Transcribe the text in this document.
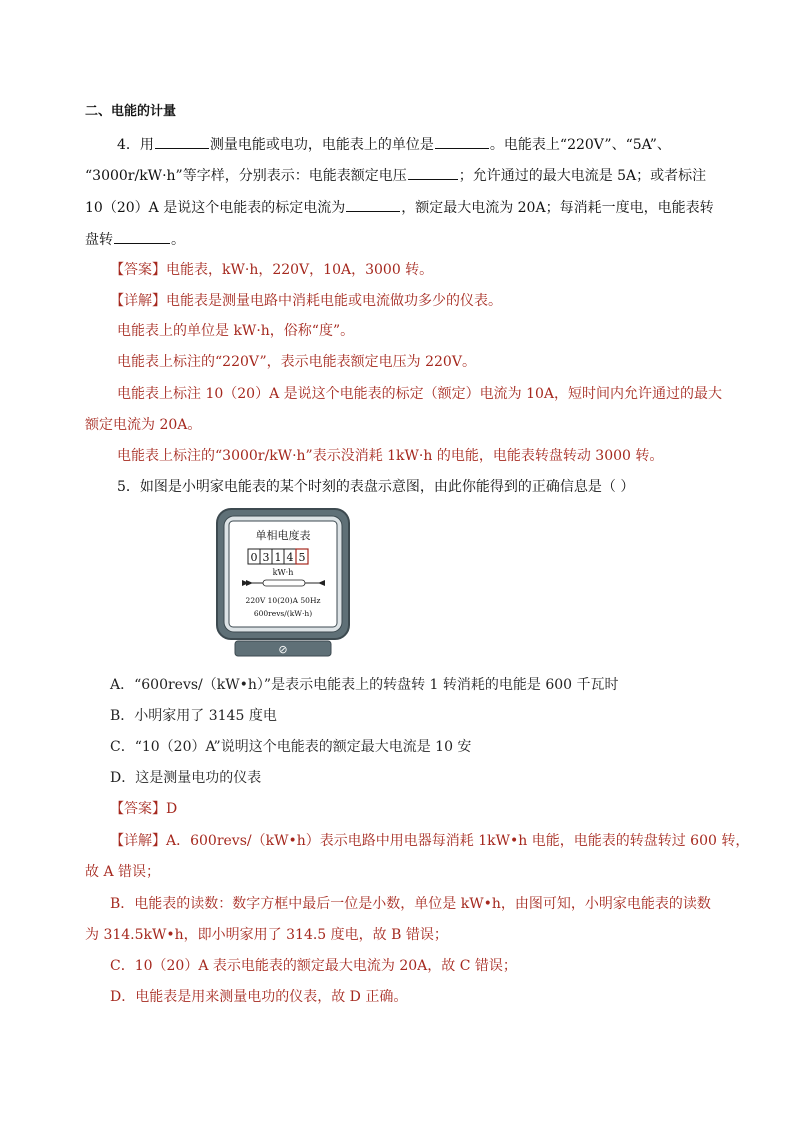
二、电能的计量
4．用	测量电能或电功，电能表上的单位是	。电能表上“220V”、“5A”、
“3000r/kW·h”等字样，分别表示：电能表额定电压	；允许通过的最大电流是 5A；或者标注
10（20）A 是说这个电能表的标定电流为	，额定最大电流为 20A；每消耗一度电，电能表转
盘转	。
【答案】电能表，kW·h，220V，10A，3000 转。
【详解】电能表是测量电路中消耗电能或电流做功多少的仪表。
电能表上的单位是 kW·h，俗称“度”。
电能表上标注的“220V”，表示电能表额定电压为 220V。
电能表上标注 10（20）A 是说这个电能表的标定（额定）电流为 10A，短时间内允许通过的最大
额定电流为 20A。
电能表上标注的“3000r/kW·h”表示没消耗 1kW·h 的电能，电能表转盘转动 3000 转。
5．如图是小明家电能表的某个时刻的表盘示意图，由此你能得到的正确信息是（ ）
单相电度表
0 3 1 4 5
kW·h
220V 10(20)A 50Hz
600revs/(kW·h)
⊘
A．“600revs/（kW•h）”是表示电能表上的转盘转 1 转消耗的电能是 600 千瓦时
B．小明家用了 3145 度电
C．“10（20）A”说明这个电能表的额定最大电流是 10 安
D．这是测量电功的仪表
【答案】D
【详解】A．600revs/（kW•h）表示电路中用电器每消耗 1kW•h 电能，电能表的转盘转过 600 转，
故 A 错误；
B．电能表的读数：数字方框中最后一位是小数，单位是 kW•h，由图可知，小明家电能表的读数
为 314.5kW•h，即小明家用了 314.5 度电，故 B 错误；
C．10（20）A 表示电能表的额定最大电流为 20A，故 C 错误；
D．电能表是用来测量电功的仪表，故 D 正确。
